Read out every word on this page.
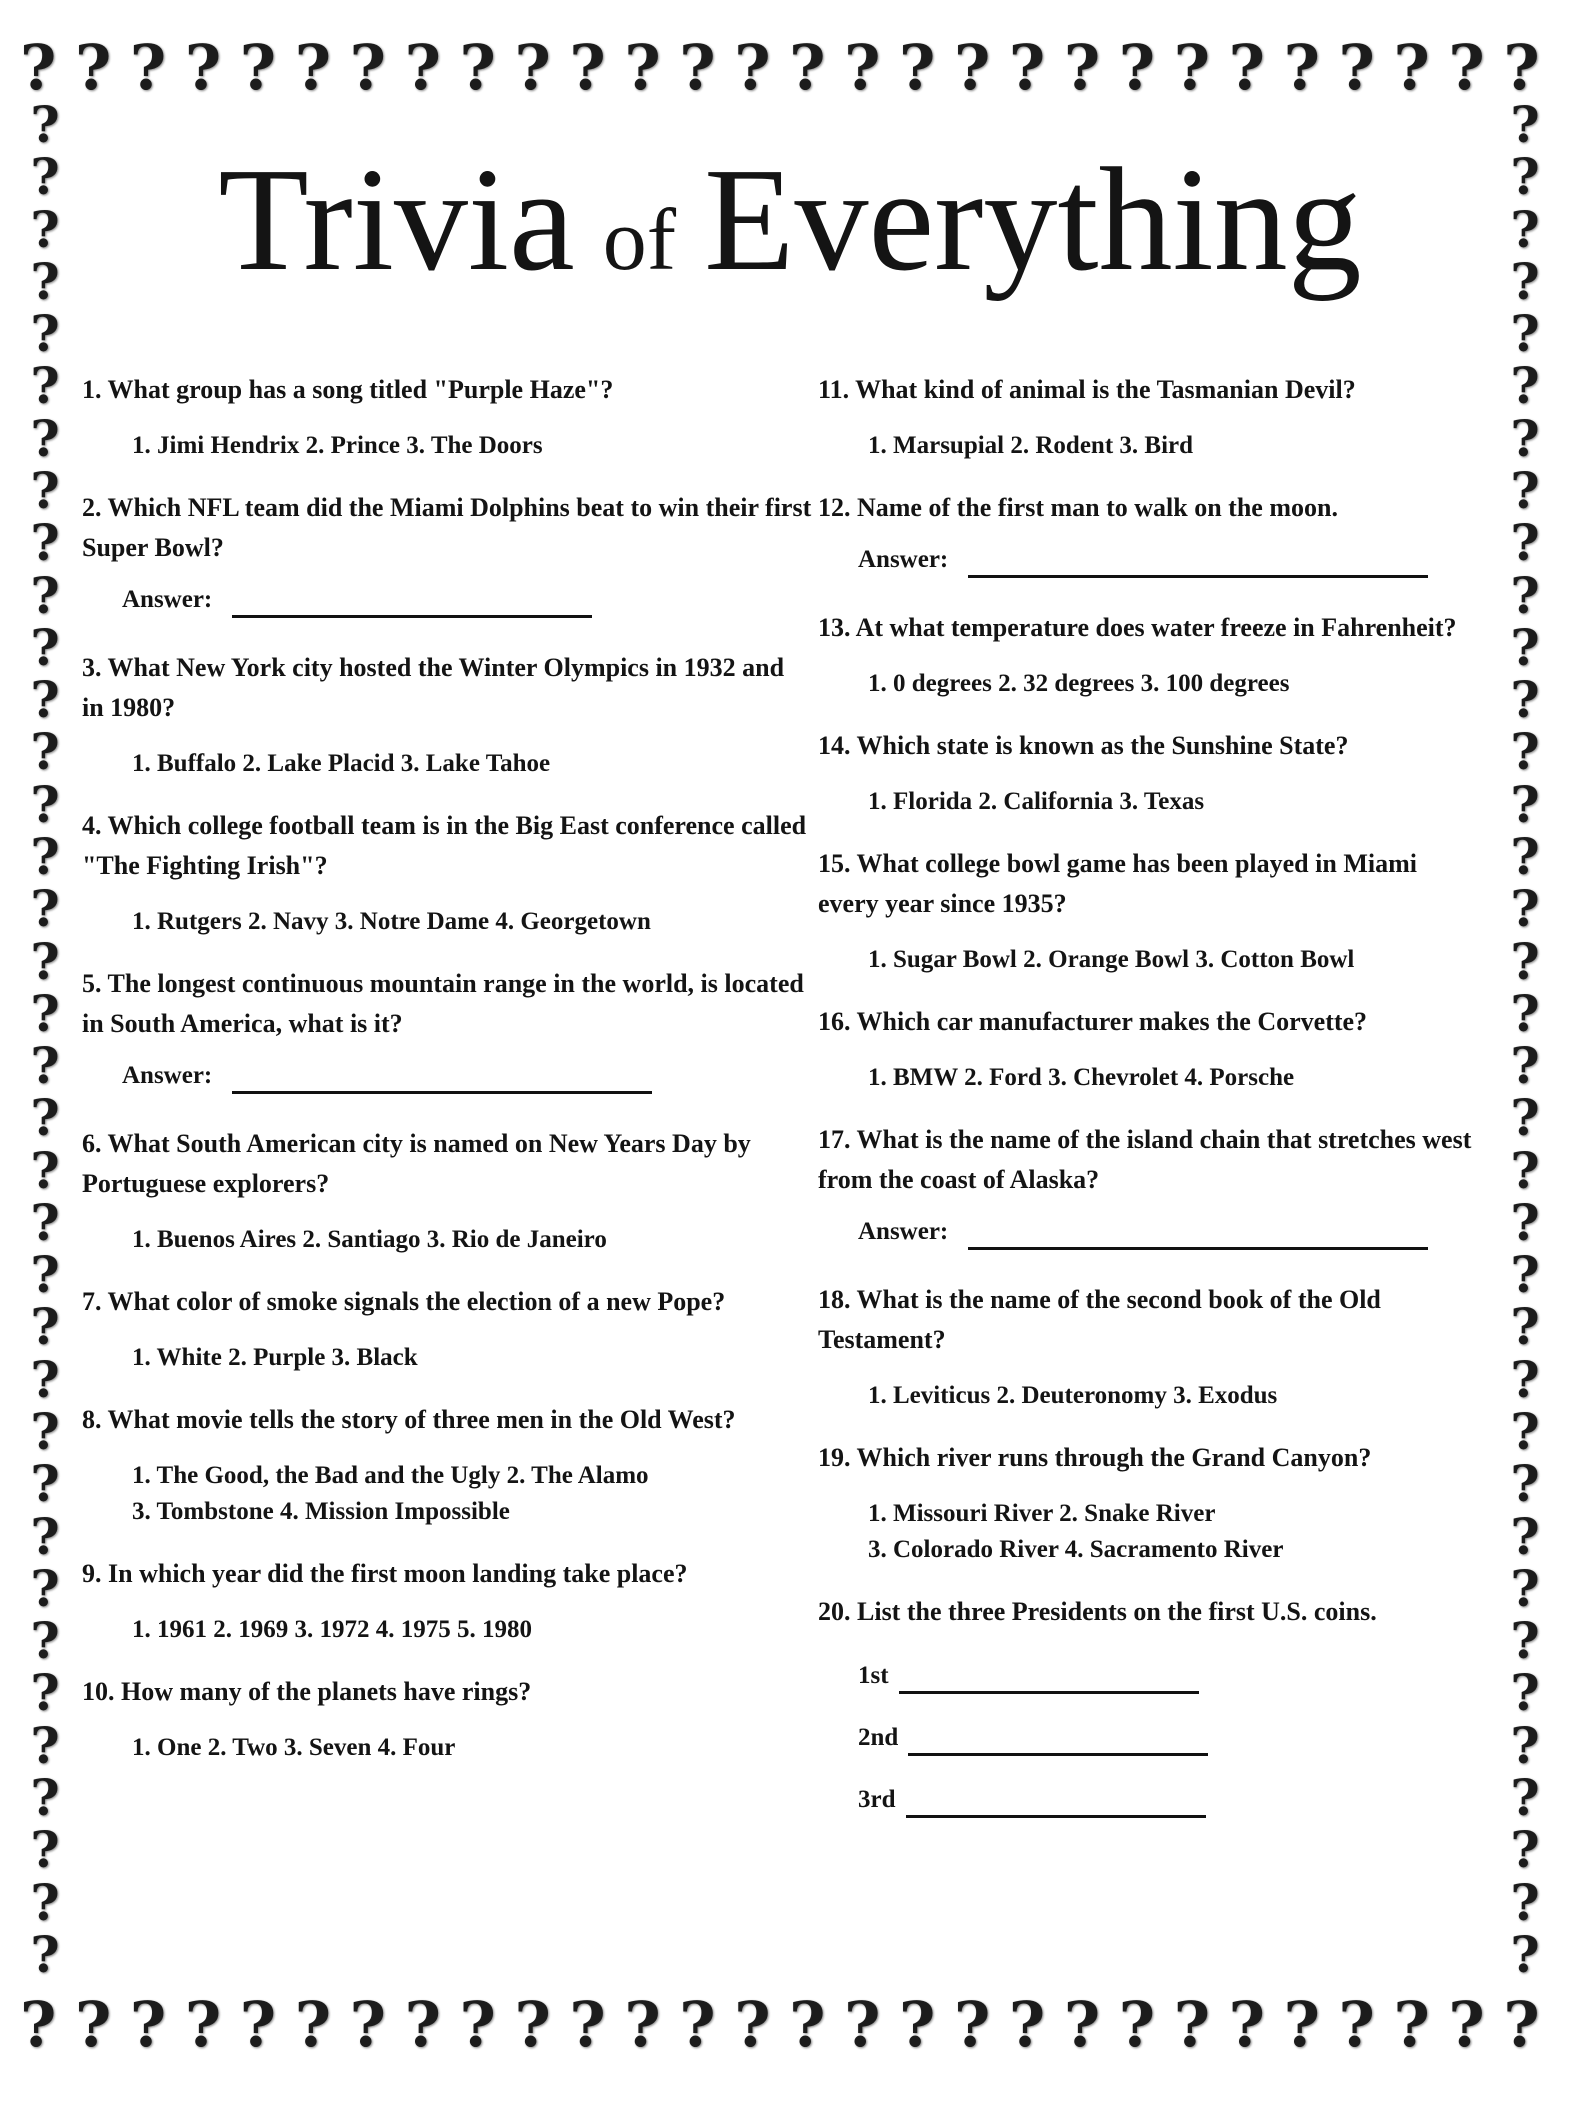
? ? ? ? ? ? ? ? ? ? ? ? ? ? ? ? ? ? ? ? ? ? ? ? ? ? ? ?
?
?
?
?
?
?
?
?
?
?
?
?
?
?
?
?
?
?
?
?
?
?
?
?
?
?
?
?
?
?
?
?
?
?
?
?
?
?
?
?
?
?
?
?
?
?
?
?
?
?
?
?
?
?
?
?
?
?
?
?
?
?
?
?
?
?
?
?
?
?
?
?
? ? ? ? ? ? ? ? ? ? ? ? ? ? ? ? ? ? ? ? ? ? ? ? ? ? ? ?
Trivia of Everything

1. What group has a song titled "Purple Haze"?

1. Jimi Hendrix 2. Prince 3. The Doors

2. Which NFL team did the Miami Dolphins beat to win their first Super Bowl?

Answer:

3. What New York city hosted the Winter Olympics in 1932 and in 1980?

1. Buffalo 2. Lake Placid 3. Lake Tahoe

4. Which college football team is in the Big East conference called "The Fighting Irish"?

1. Rutgers 2. Navy 3. Notre Dame 4. Georgetown

5. The longest continuous mountain range in the world, is located in South America, what is it?

Answer:

6. What South American city is named on New Years Day by Portuguese explorers?

1. Buenos Aires 2. Santiago 3. Rio de Janeiro

7. What color of smoke signals the election of a new Pope?

1. White 2. Purple 3. Black

8. What movie tells the story of three men in the Old West?

1. The Good, the Bad and the Ugly 2. The Alamo
3. Tombstone 4. Mission Impossible

9. In which year did the first moon landing take place?

1. 1961 2. 1969 3. 1972 4. 1975 5. 1980

10. How many of the planets have rings?

1. One 2. Two 3. Seven 4. Four

11. What kind of animal is the Tasmanian Devil?

1. Marsupial 2. Rodent 3. Bird

12. Name of the first man to walk on the moon.

Answer:

13. At what temperature does water freeze in Fahrenheit?

1. 0 degrees 2. 32 degrees 3. 100 degrees

14. Which state is known as the Sunshine State?

1. Florida 2. California 3. Texas

15. What college bowl game has been played in Miami every year since 1935?

1. Sugar Bowl 2. Orange Bowl 3. Cotton Bowl

16. Which car manufacturer makes the Corvette?

1. BMW 2. Ford 3. Chevrolet 4. Porsche

17. What is the name of the island chain that stretches west from the coast of Alaska?

Answer:

18. What is the name of the second book of the Old Testament?

1. Leviticus 2. Deuteronomy 3. Exodus

19. Which river runs through the Grand Canyon?

1. Missouri River 2. Snake River
3. Colorado River 4. Sacramento River

20. List the three Presidents on the first U.S. coins.

1st
2nd
3rd
